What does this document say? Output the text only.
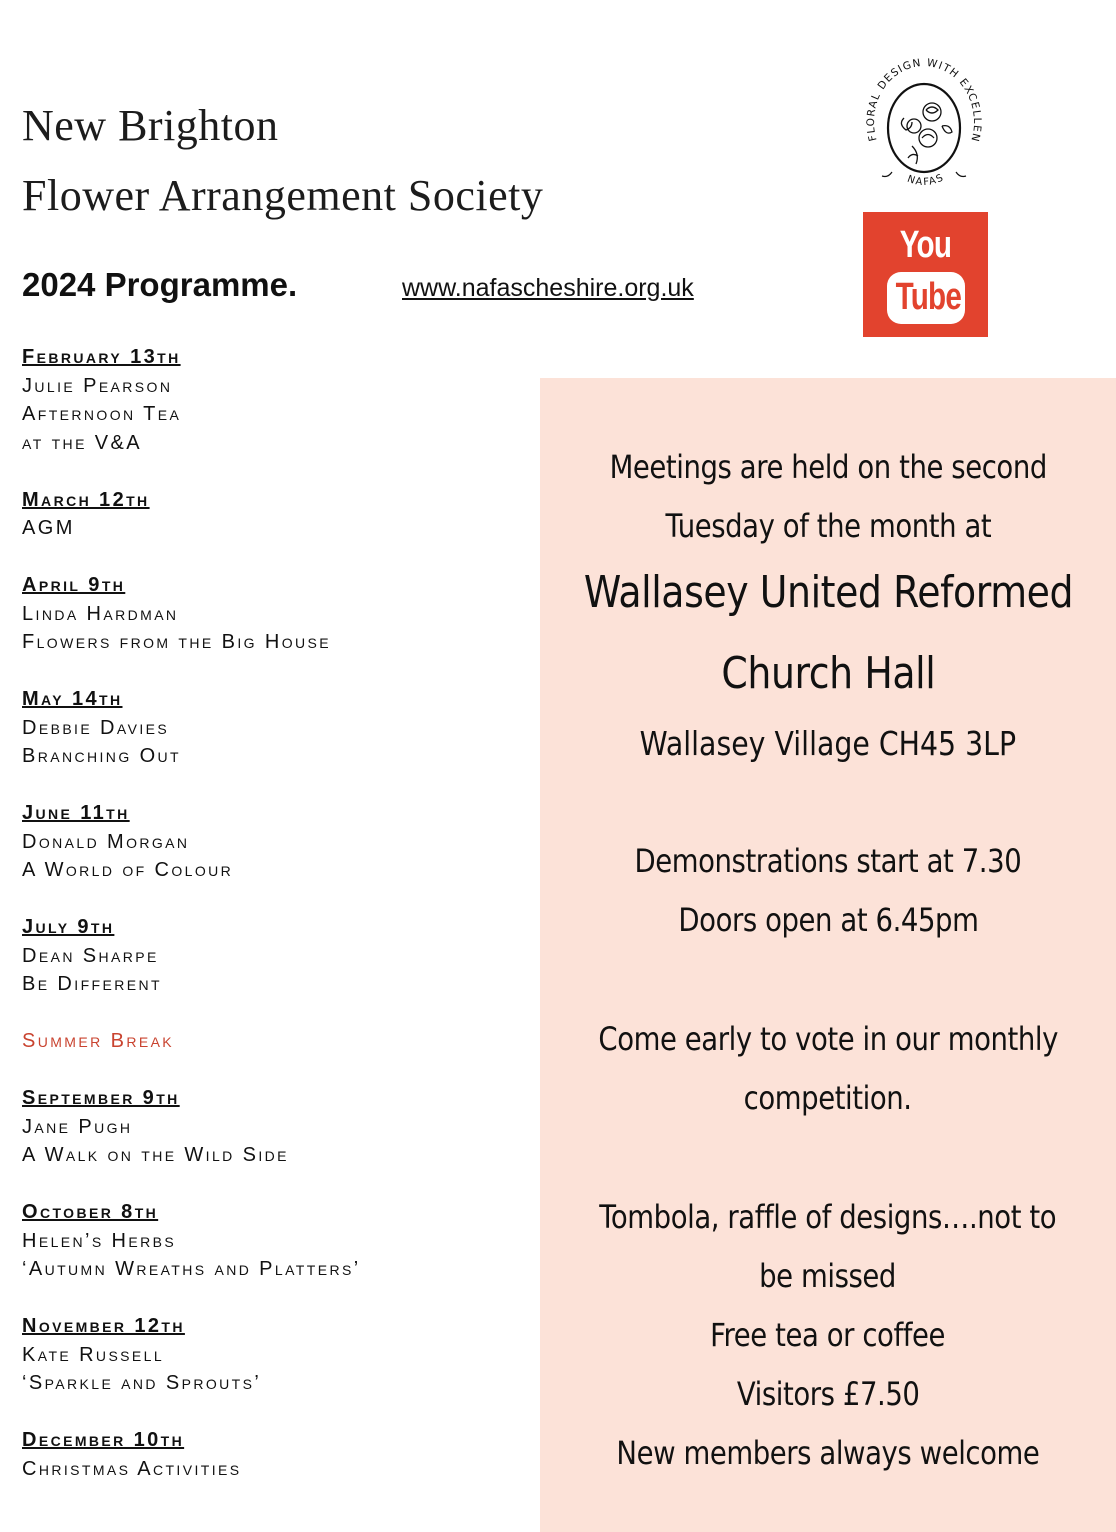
New Brighton
Flower Arrangement Society
2024 Programme.	www.nafascheshire.org.uk
FLORAL DESIGN WITH EXCELLEN
NAFAS
You
Tube
February 13th
Julie Pearson
Afternoon Tea
at the V&A
March 12th
AGM
April 9th
Linda Hardman
Flowers from the Big House
May 14th
Debbie Davies
Branching Out
June 11th
Donald Morgan
A World of Colour
July 9th
Dean Sharpe
Be Different
Summer Break
September 9th
Jane Pugh
A Walk on the Wild Side
October 8th
Helen’s Herbs
‘Autumn Wreaths and Platters’
November 12th
Kate Russell
‘Sparkle and Sprouts’
December 10th
Christmas Activities
Meetings are held on the second
Tuesday of the month at
Wallasey United Reformed
Church Hall
Wallasey Village CH45 3LP
Demonstrations start at 7.30
Doors open at 6.45pm
Come early to vote in our monthly
competition.
Tombola, raffle of designs….not to
be missed
Free tea or coffee
Visitors £7.50
New members always welcome
